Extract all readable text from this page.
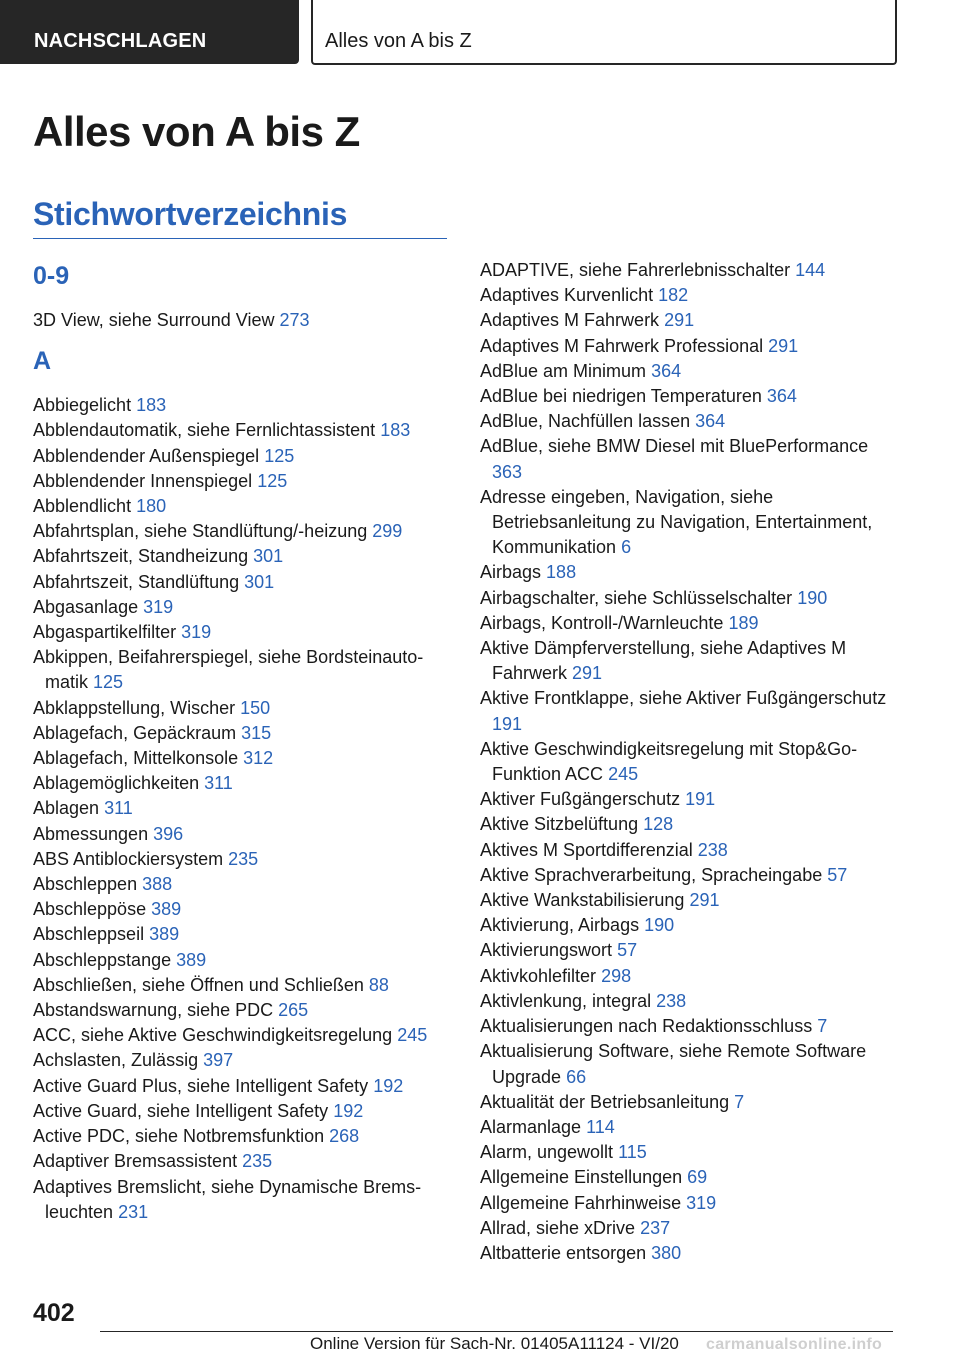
NACHSCHLAGEN	Alles von A bis Z
Alles von A bis Z
Stichwortverzeichnis
0-9
3D View, siehe Surround View 273
A
Abbiegelicht 183
Abblendautomatik, siehe Fernlichtassistent 183
Abblendender Außenspiegel 125
Abblendender Innenspiegel 125
Abblendlicht 180
Abfahrtsplan, siehe Standlüftung/-heizung 299
Abfahrtszeit, Standheizung 301
Abfahrtszeit, Standlüftung 301
Abgasanlage 319
Abgaspartikelfilter 319
Abkippen, Beifahrerspiegel, siehe Bordsteinautomatik 125
Abklappstellung, Wischer 150
Ablagefach, Gepäckraum 315
Ablagefach, Mittelkonsole 312
Ablagemöglichkeiten 311
Ablagen 311
Abmessungen 396
ABS Antiblockiersystem 235
Abschleppen 388
Abschleppöse 389
Abschleppseil 389
Abschleppstange 389
Abschließen, siehe Öffnen und Schließen 88
Abstandswarnung, siehe PDC 265
ACC, siehe Aktive Geschwindigkeitsregelung 245
Achslasten, Zulässig 397
Active Guard Plus, siehe Intelligent Safety 192
Active Guard, siehe Intelligent Safety 192
Active PDC, siehe Notbremsfunktion 268
Adaptiver Bremsassistent 235
Adaptives Bremslicht, siehe Dynamische Bremsleuchten 231
ADAPTIVE, siehe Fahrerlebnisschalter 144
Adaptives Kurvenlicht 182
Adaptives M Fahrwerk 291
Adaptives M Fahrwerk Professional 291
AdBlue am Minimum 364
AdBlue bei niedrigen Temperaturen 364
AdBlue, Nachfüllen lassen 364
AdBlue, siehe BMW Diesel mit BluePerformance 363
Adresse eingeben, Navigation, siehe Betriebsanleitung zu Navigation, Entertainment, Kommunikation 6
Airbags 188
Airbagschalter, siehe Schlüsselschalter 190
Airbags, Kontroll-/Warnleuchte 189
Aktive Dämpferverstellung, siehe Adaptives M Fahrwerk 291
Aktive Frontklappe, siehe Aktiver Fußgängerschutz 191
Aktive Geschwindigkeitsregelung mit Stop&Go-Funktion ACC 245
Aktiver Fußgängerschutz 191
Aktive Sitzbelüftung 128
Aktives M Sportdifferenzial 238
Aktive Sprachverarbeitung, Spracheingabe 57
Aktive Wankstabilisierung 291
Aktivierung, Airbags 190
Aktivierungswort 57
Aktivkohlefilter 298
Aktivlenkung, integral 238
Aktualisierungen nach Redaktionsschluss 7
Aktualisierung Software, siehe Remote Software Upgrade 66
Aktualität der Betriebsanleitung 7
Alarmanlage 114
Alarm, ungewollt 115
Allgemeine Einstellungen 69
Allgemeine Fahrhinweise 319
Allrad, siehe xDrive 237
Altbatterie entsorgen 380
402
Online Version für Sach-Nr. 01405A11124 - VI/20 carmanualsonline.info
